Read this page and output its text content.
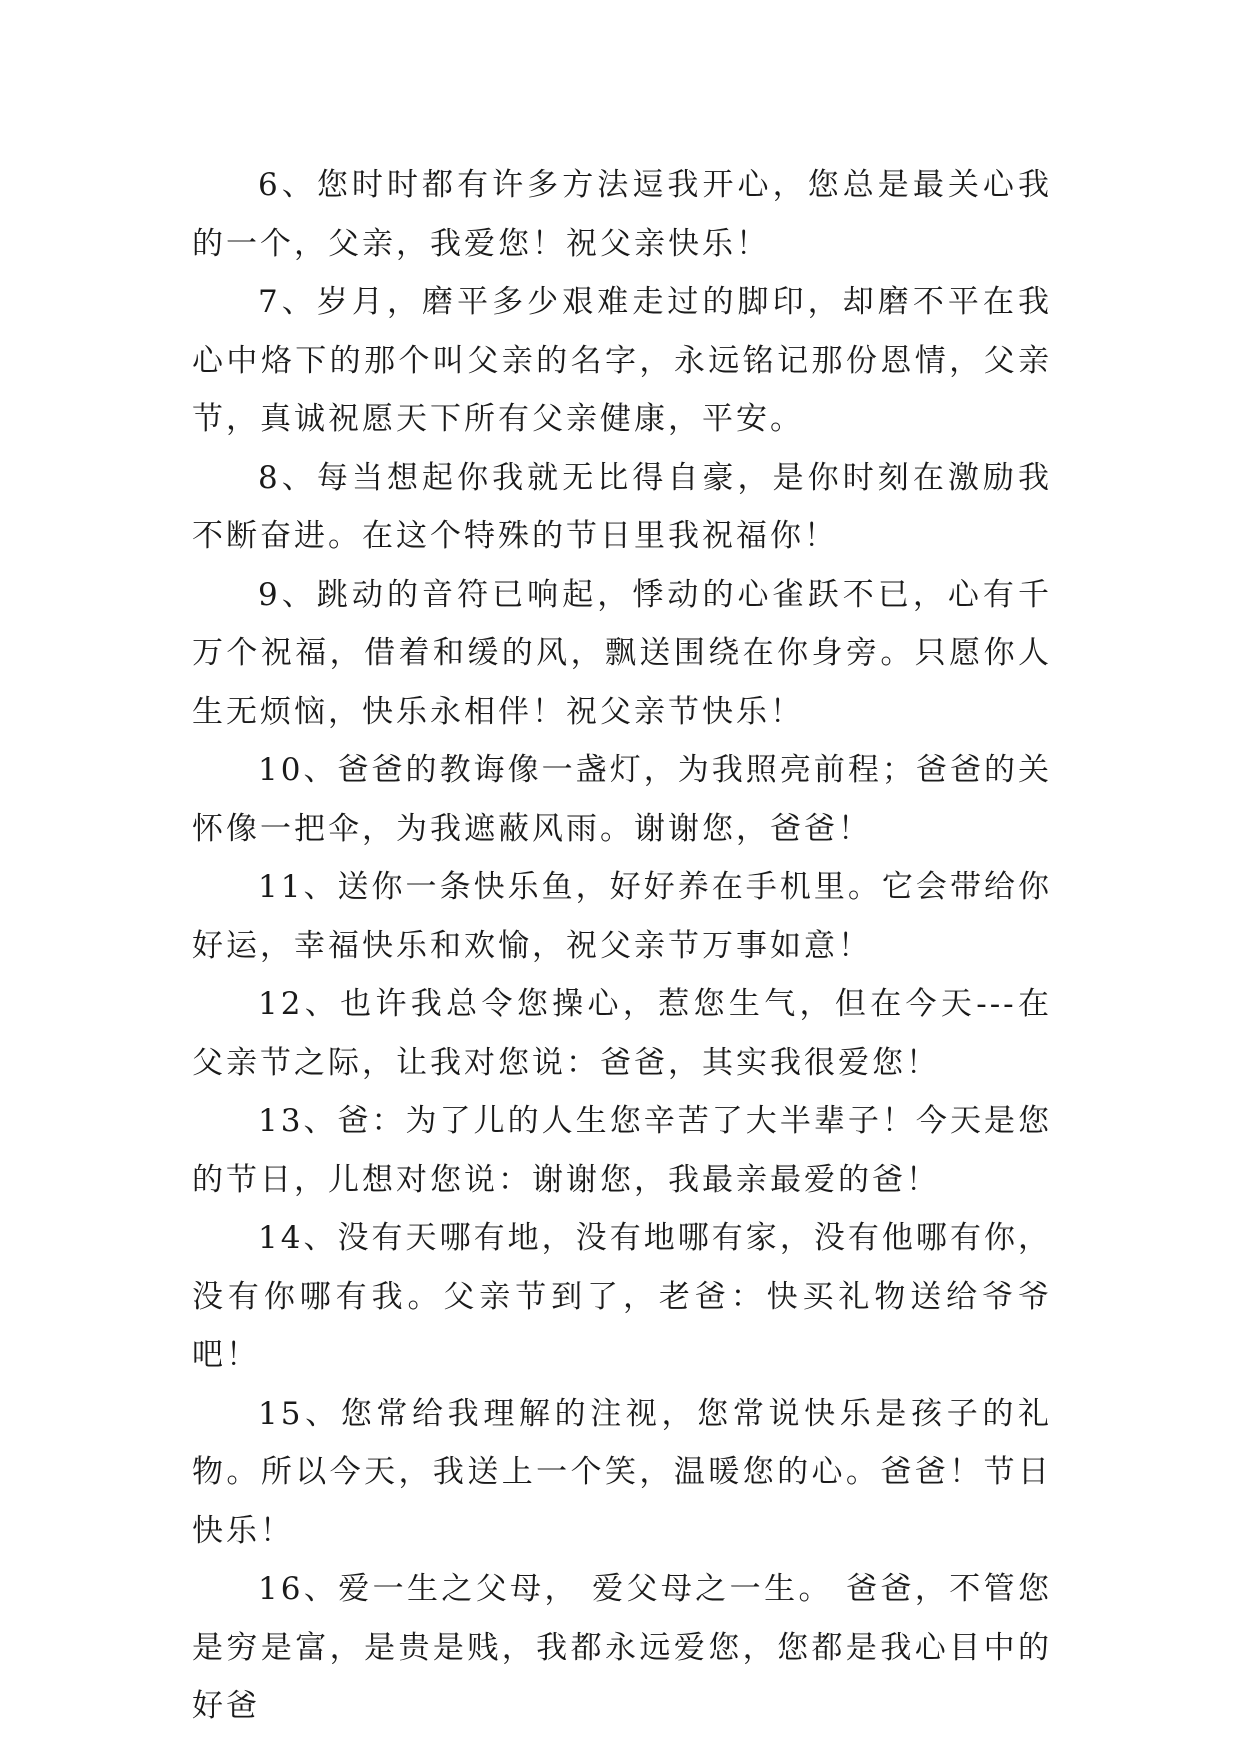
6、您时时都有许多方法逗我开心，您总是最关心我的一个，父亲，我爱您！祝父亲快乐！

7、岁月，磨平多少艰难走过的脚印，却磨不平在我心中烙下的那个叫父亲的名字，永远铭记那份恩情，父亲节，真诚祝愿天下所有父亲健康，平安。

8、每当想起你我就无比得自豪，是你时刻在激励我不断奋进。在这个特殊的节日里我祝福你！

9、跳动的音符已响起，悸动的心雀跃不已，心有千万个祝福，借着和缓的风，飘送围绕在你身旁。只愿你人生无烦恼，快乐永相伴！祝父亲节快乐！

10、爸爸的教诲像一盏灯，为我照亮前程；爸爸的关怀像一把伞，为我遮蔽风雨。谢谢您，爸爸！

11、送你一条快乐鱼，好好养在手机里。它会带给你好运，幸福快乐和欢愉，祝父亲节万事如意！

12、也许我总令您操心，惹您生气，但在今天---在父亲节之际，让我对您说：爸爸，其实我很爱您！

13、爸：为了儿的人生您辛苦了大半辈子！今天是您的节日，儿想对您说：谢谢您，我最亲最爱的爸！

14、没有天哪有地，没有地哪有家，没有他哪有你，没有你哪有我。父亲节到了，老爸：快买礼物送给爷爷吧！

15、您常给我理解的注视，您常说快乐是孩子的礼物。所以今天，我送上一个笑，温暖您的心。爸爸！节日快乐！

16、爱一生之父母， 爱父母之一生。 爸爸，不管您是穷是富，是贵是贱，我都永远爱您，您都是我心目中的好爸
